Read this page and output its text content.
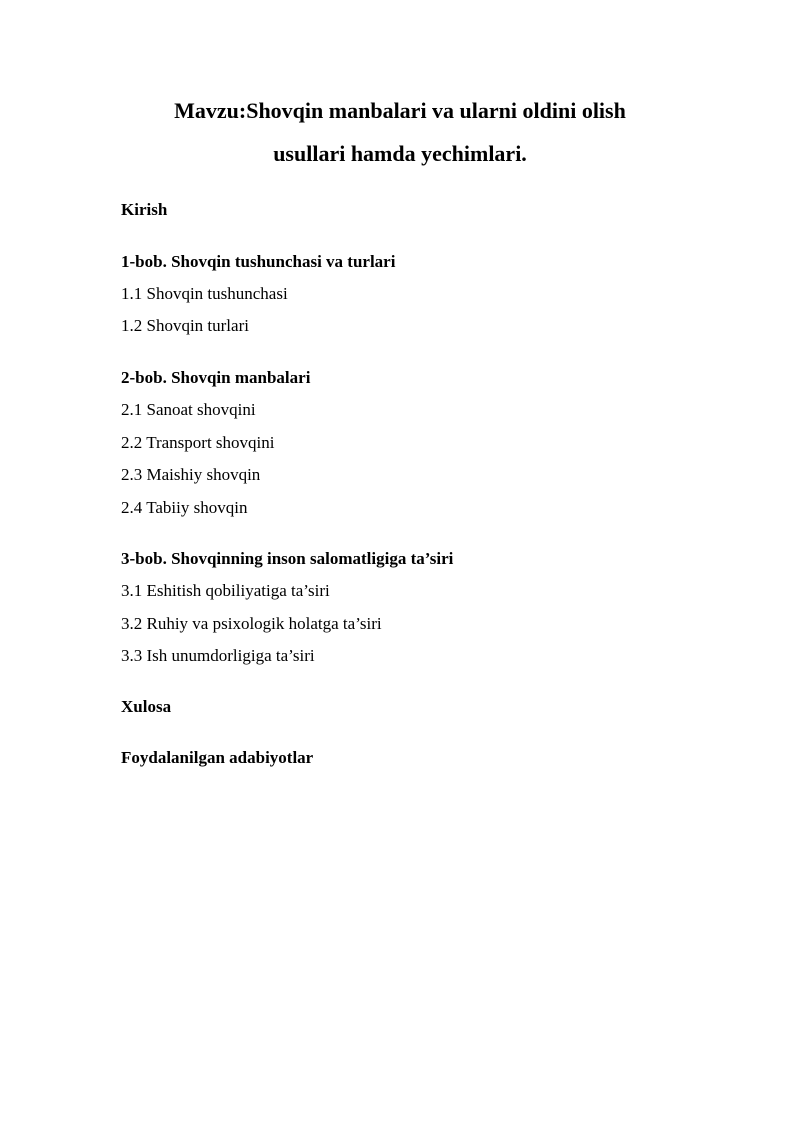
Mavzu:Shovqin manbalari va ularni oldini olish
usullari hamda yechimlari.
Kirish
1-bob. Shovqin tushunchasi va turlari
1.1 Shovqin tushunchasi
1.2 Shovqin turlari
2-bob. Shovqin manbalari
2.1 Sanoat shovqini
2.2 Transport shovqini
2.3 Maishiy shovqin
2.4 Tabiiy shovqin
3-bob. Shovqinning inson salomatligiga ta’siri
3.1 Eshitish qobiliyatiga ta’siri
3.2 Ruhiy va psixologik holatga ta’siri
3.3 Ish unumdorligiga ta’siri
Xulosa
Foydalanilgan adabiyotlar
